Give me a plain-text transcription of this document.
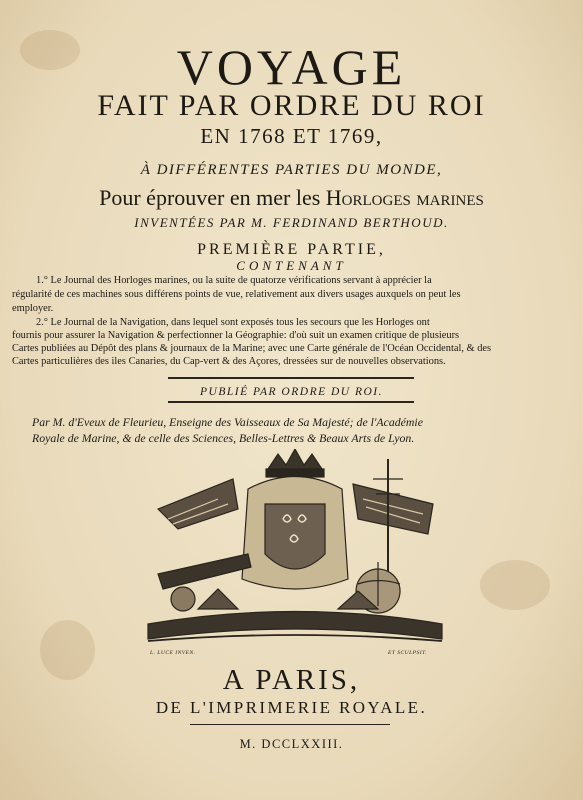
VOYAGE
FAIT PAR ORDRE DU ROI
EN 1768 ET 1769,
À DIFFÉRENTES PARTIES DU MONDE,
Pour éprouver en mer les Horloges marines
INVENTÉES PAR M. FERDINAND BERTHOUD.
PREMIÈRE PARTIE,
CONTENANT
1.° Le Journal des Horloges marines, ou la suite de quatorze vérifications servant à apprécier la
régularité de ces machines sous différens points de vue, relativement aux divers usages auxquels on peut les
employer.
2.° Le Journal de la Navigation, dans lequel sont exposés tous les secours que les Horloges ont
fournis pour assurer la Navigation & perfectionner la Géographie: d'où suit un examen critique de plusieurs
Cartes publiées au Dépôt des plans & journaux de la Marine; avec une Carte générale de l'Océan Occidental, & des
Cartes particulières des iles Canaries, du Cap-vert & des Açores, dressées sur de nouvelles observations.
PUBLIÉ PAR ORDRE DU ROI.
Par M. d'Eveux de Fleurieu, Enseigne des Vaisseaux de Sa Majesté; de l'Académie
Royale de Marine, & de celle des Sciences, Belles-Lettres & Beaux Arts de Lyon.
L. LUCE INVEN.	ET SCULPSIT.
A PARIS,
DE L'IMPRIMERIE ROYALE.
M. DCCLXXIII.
